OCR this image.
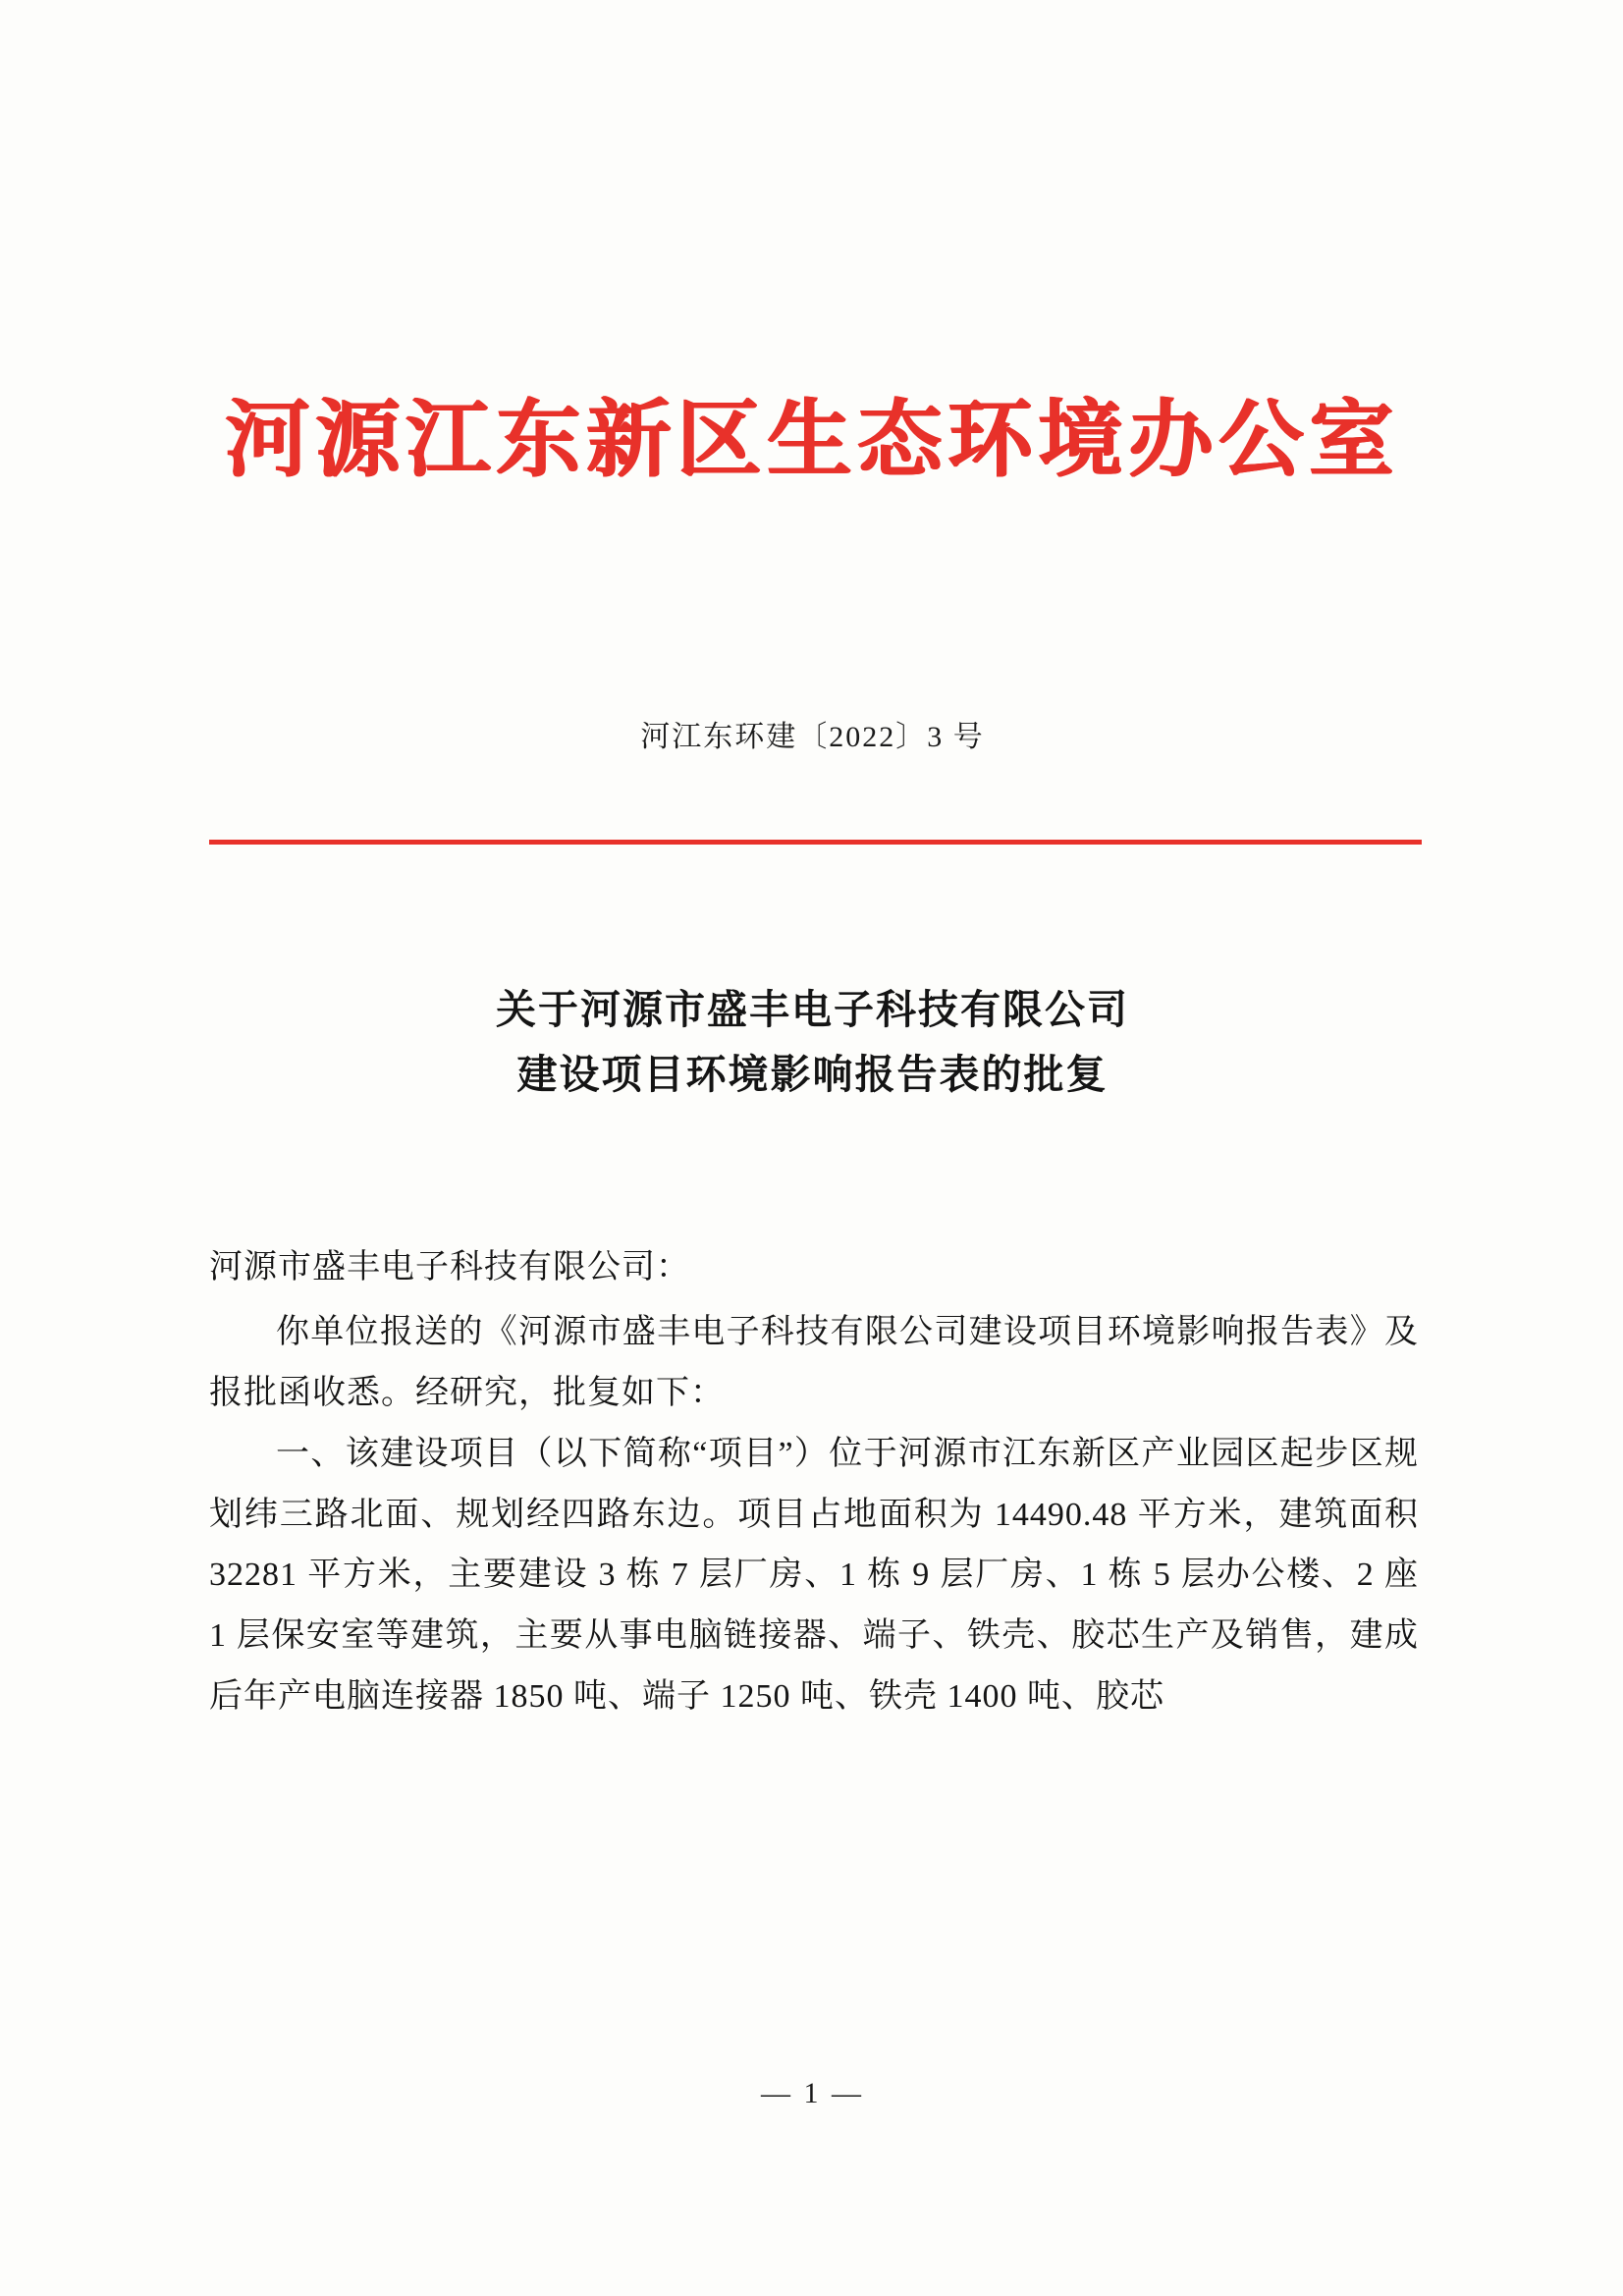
河源江东新区生态环境办公室
河江东环建〔2022〕3 号
关于河源市盛丰电子科技有限公司
建设项目环境影响报告表的批复

河源市盛丰电子科技有限公司：

你单位报送的《河源市盛丰电子科技有限公司建设项目环境影响报告表》及报批函收悉。经研究，批复如下：

一、该建设项目（以下简称“项目”）位于河源市江东新区产业园区起步区规划纬三路北面、规划经四路东边。项目占地面积为 14490.48 平方米，建筑面积 32281 平方米，主要建设 3 栋 7 层厂房、1 栋 9 层厂房、1 栋 5 层办公楼、2 座 1 层保安室等建筑，主要从事电脑链接器、端子、铁壳、胶芯生产及销售，建成后年产电脑连接器 1850 吨、端子 1250 吨、铁壳 1400 吨、胶芯

— 1 —
